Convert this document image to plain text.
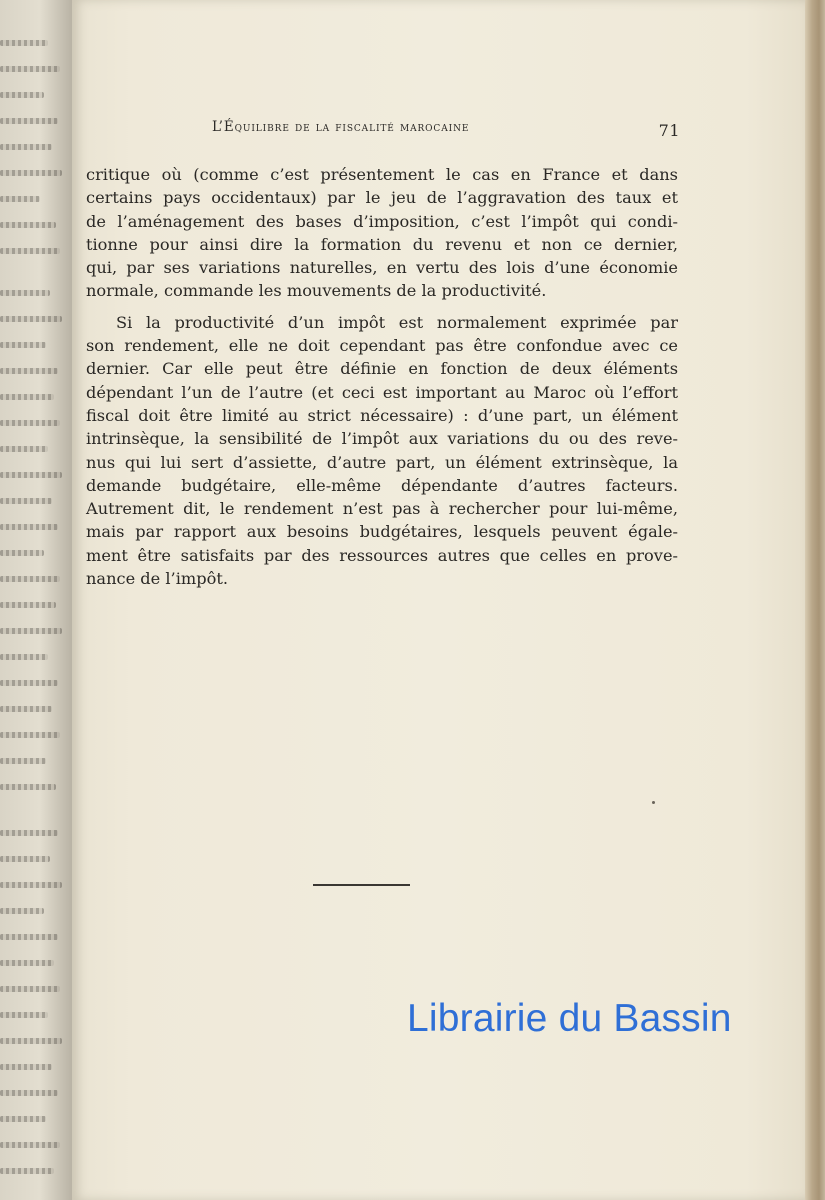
L’Équilibre de la fiscalité marocaine	71
critique où (comme c’est présentement le cas en France et dans
certains pays occidentaux) par le jeu de l’aggravation des taux et
de l’aménagement des bases d’imposition, c’est l’impôt qui condi-
tionne pour ainsi dire la formation du revenu et non ce dernier,
qui, par ses variations naturelles, en vertu des lois d’une économie
normale, commande les mouvements de la productivité.
Si la productivité d’un impôt est normalement exprimée par
son rendement, elle ne doit cependant pas être confondue avec ce
dernier. Car elle peut être définie en fonction de deux éléments
dépendant l’un de l’autre (et ceci est important au Maroc où l’effort
fiscal doit être limité au strict nécessaire) : d’une part, un élément
intrinsèque, la sensibilité de l’impôt aux variations du ou des reve-
nus qui lui sert d’assiette, d’autre part, un élément extrinsèque, la
demande budgétaire, elle-même dépendante d’autres facteurs.
Autrement dit, le rendement n’est pas à rechercher pour lui-même,
mais par rapport aux besoins budgétaires, lesquels peuvent égale-
ment être satisfaits par des ressources autres que celles en prove-
nance de l’impôt.
Librairie du Bassin
